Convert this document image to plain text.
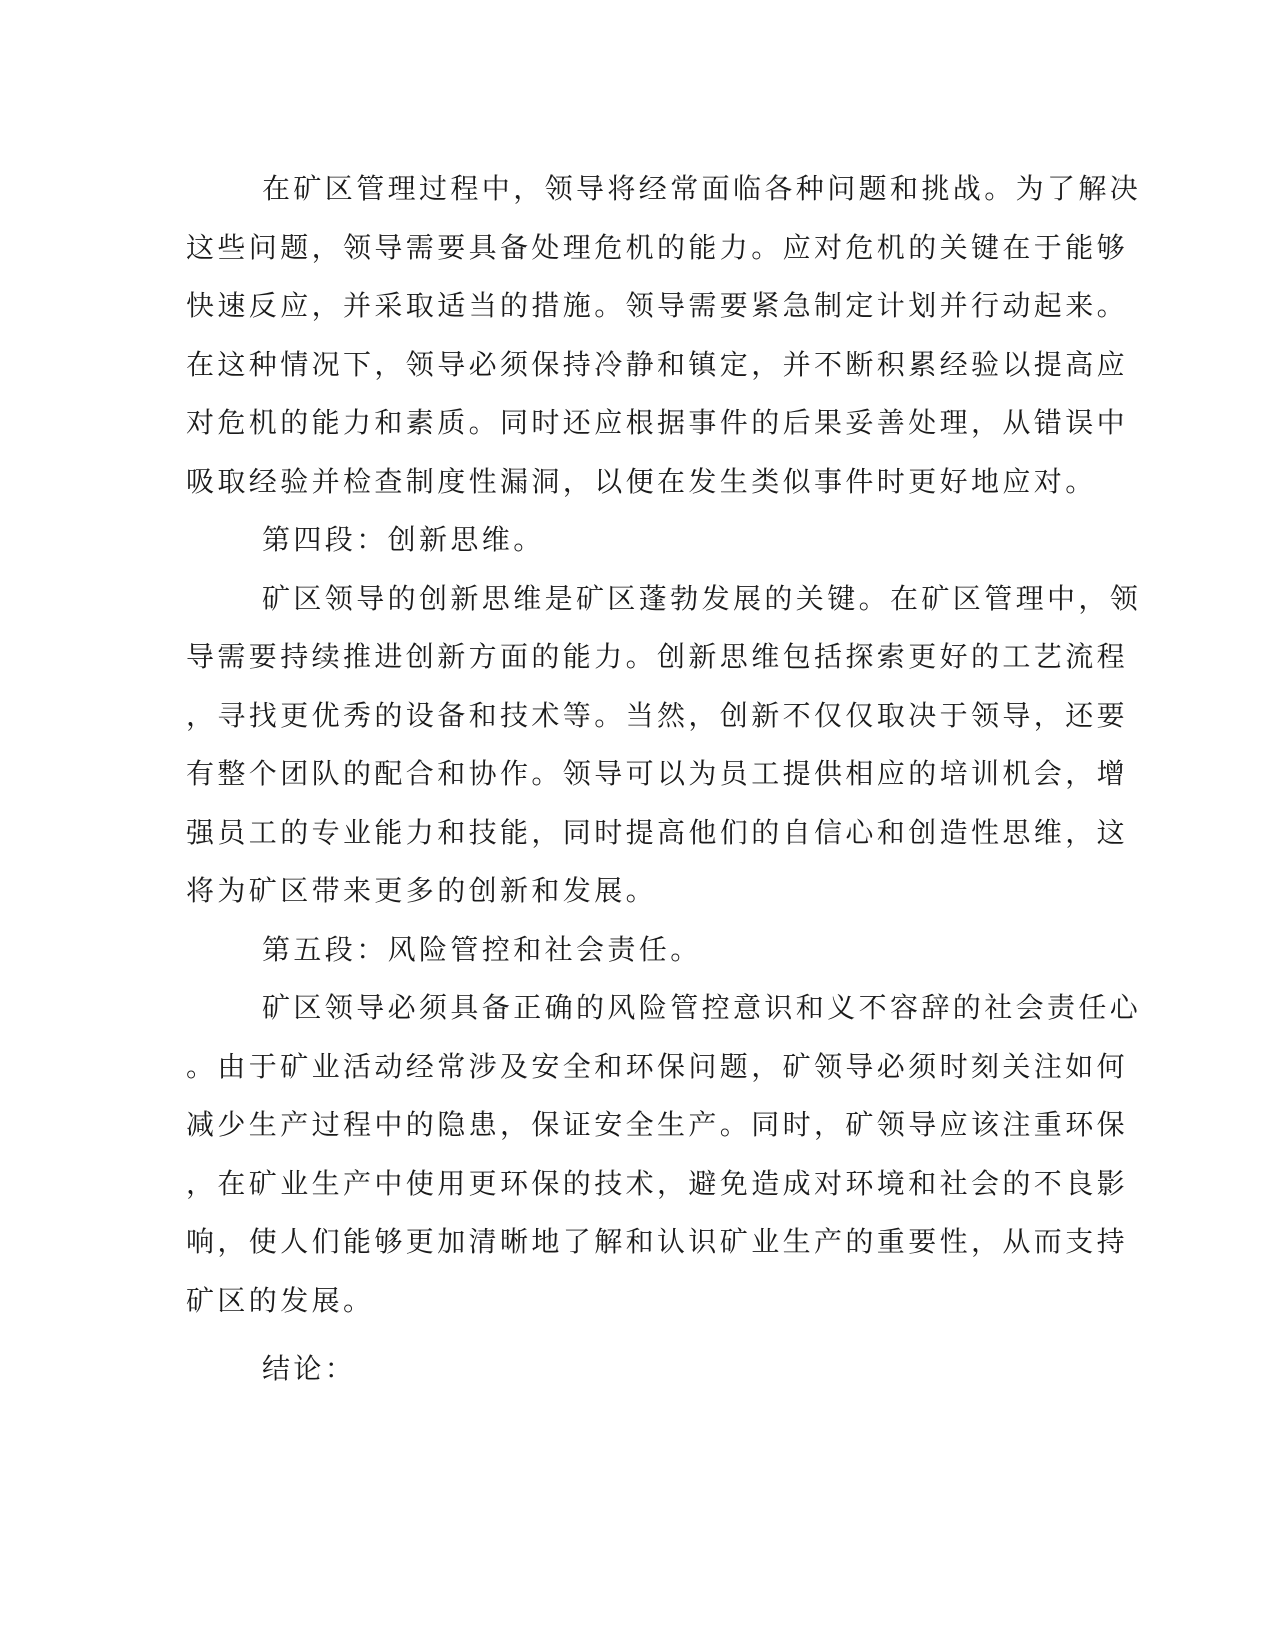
在矿区管理过程中，领导将经常面临各种问题和挑战。为了解决
这些问题，领导需要具备处理危机的能力。应对危机的关键在于能够
快速反应，并采取适当的措施。领导需要紧急制定计划并行动起来。
在这种情况下，领导必须保持冷静和镇定，并不断积累经验以提高应
对危机的能力和素质。同时还应根据事件的后果妥善处理，从错误中
吸取经验并检查制度性漏洞，以便在发生类似事件时更好地应对。
第四段：创新思维。
矿区领导的创新思维是矿区蓬勃发展的关键。在矿区管理中，领
导需要持续推进创新方面的能力。创新思维包括探索更好的工艺流程
，寻找更优秀的设备和技术等。当然，创新不仅仅取决于领导，还要
有整个团队的配合和协作。领导可以为员工提供相应的培训机会，增
强员工的专业能力和技能，同时提高他们的自信心和创造性思维，这
将为矿区带来更多的创新和发展。
第五段：风险管控和社会责任。
矿区领导必须具备正确的风险管控意识和义不容辞的社会责任心
。由于矿业活动经常涉及安全和环保问题，矿领导必须时刻关注如何
减少生产过程中的隐患，保证安全生产。同时，矿领导应该注重环保
，在矿业生产中使用更环保的技术，避免造成对环境和社会的不良影
响，使人们能够更加清晰地了解和认识矿业生产的重要性，从而支持
矿区的发展。
结论：
